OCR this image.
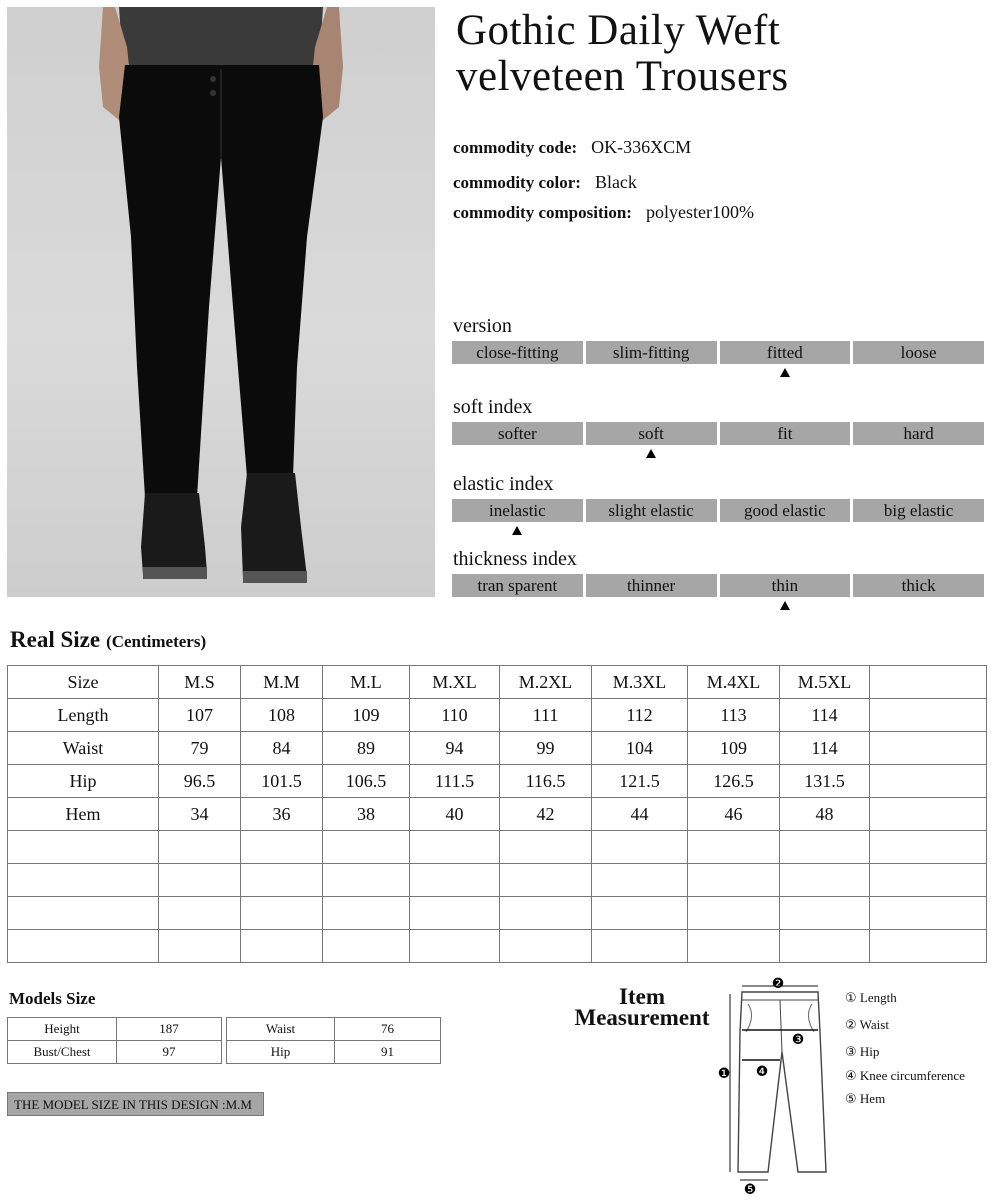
Gothic Daily Weft
velveteen Trousers
commodity code: OK-336XCM
commodity color: Black
commodity composition: polyester100%
version
close-fitting	slim-fitting	fitted	loose
soft index
softer	soft	fit	hard
elastic index
inelastic	slight elastic	good elastic	big elastic
thickness index
tran sparent	thinner	thin	thick
Real Size (Centimeters)
Size	M.S	M.M	M.L	M.XL	M.2XL	M.3XL	M.4XL	M.5XL	
Length	107	108	109	110	111	112	113	114	
Waist	79	84	89	94	99	104	109	114	
Hip	96.5	101.5	106.5	111.5	116.5	121.5	126.5	131.5	
Hem	34	36	38	40	42	44	46	48	

Models Size
Height	187
Bust/Chest	97
Waist	76
Hip	91
THE MODEL SIZE IN THIS DESIGN :M.M
Item
Measurement
❷
❸
❹
❶
❺
① Length
② Waist
③ Hip
④ Knee circumference
⑤ Hem
